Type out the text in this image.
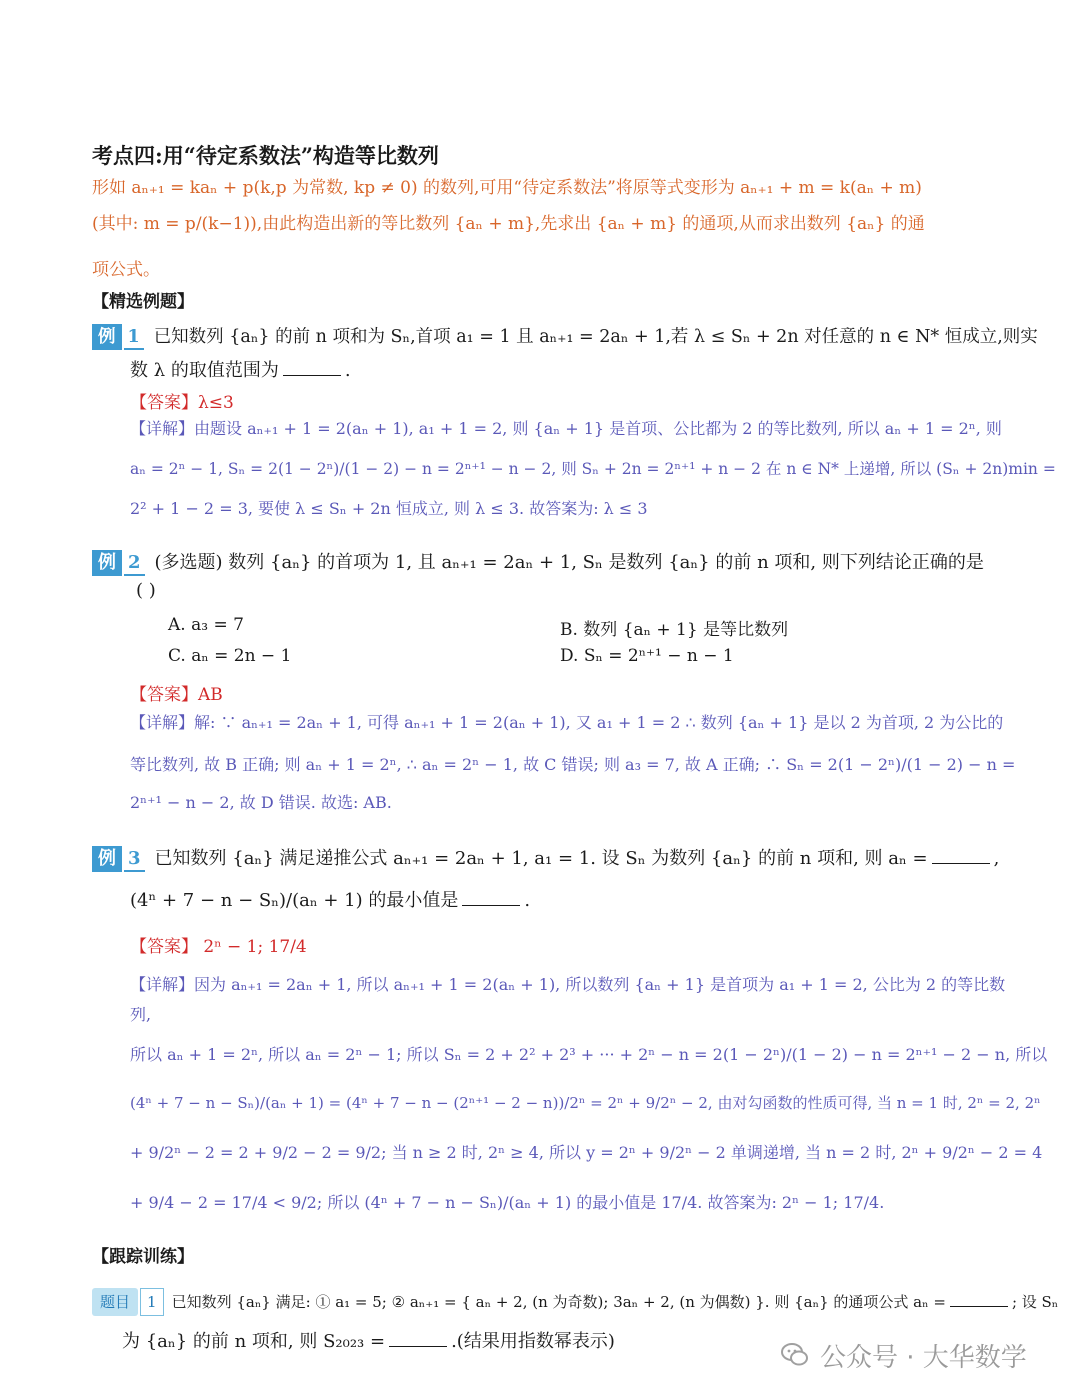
考点四:用“待定系数法”构造等比数列
形如 aₙ₊₁ = kaₙ + p(k,p 为常数, kp ≠ 0) 的数列,可用“待定系数法”将原等式变形为 aₙ₊₁ + m = k(aₙ + m)
(其中: m = p/(k−1)),由此构造出新的等比数列 {aₙ + m},先求出 {aₙ + m} 的通项,从而求出数列 {aₙ} 的通
项公式。
【精选例题】
例 1 已知数列 {aₙ} 的前 n 项和为 Sₙ,首项 a₁ = 1 且 aₙ₊₁ = 2aₙ + 1,若 λ ≤ Sₙ + 2n 对任意的 n ∈ N* 恒成立,则实
数 λ 的取值范围为	.
【答案】λ≤3
【详解】由题设 aₙ₊₁ + 1 = 2(aₙ + 1), a₁ + 1 = 2, 则 {aₙ + 1} 是首项、公比都为 2 的等比数列, 所以 aₙ + 1 = 2ⁿ, 则
aₙ = 2ⁿ − 1, Sₙ = 2(1 − 2ⁿ)/(1 − 2) − n = 2ⁿ⁺¹ − n − 2, 则 Sₙ + 2n = 2ⁿ⁺¹ + n − 2 在 n ∈ N* 上递增, 所以 (Sₙ + 2n)min =
2² + 1 − 2 = 3, 要使 λ ≤ Sₙ + 2n 恒成立, 则 λ ≤ 3. 故答案为: λ ≤ 3
例 2 (多选题) 数列 {aₙ} 的首项为 1, 且 aₙ₊₁ = 2aₙ + 1, Sₙ 是数列 {aₙ} 的前 n 项和, 则下列结论正确的是
( )
A. a₃ = 7	B. 数列 {aₙ + 1} 是等比数列
C. aₙ = 2n − 1	D. Sₙ = 2ⁿ⁺¹ − n − 1
【答案】AB
【详解】解: ∵ aₙ₊₁ = 2aₙ + 1, 可得 aₙ₊₁ + 1 = 2(aₙ + 1), 又 a₁ + 1 = 2 ∴ 数列 {aₙ + 1} 是以 2 为首项, 2 为公比的
等比数列, 故 B 正确; 则 aₙ + 1 = 2ⁿ, ∴ aₙ = 2ⁿ − 1, 故 C 错误; 则 a₃ = 7, 故 A 正确; ∴ Sₙ = 2(1 − 2ⁿ)/(1 − 2) − n =
2ⁿ⁺¹ − n − 2, 故 D 错误. 故选: AB.
例 3 已知数列 {aₙ} 满足递推公式 aₙ₊₁ = 2aₙ + 1, a₁ = 1. 设 Sₙ 为数列 {aₙ} 的前 n 项和, 则 aₙ =	,
(4ⁿ + 7 − n − Sₙ)/(aₙ + 1) 的最小值是	.
【答案】 2ⁿ − 1; 17/4
【详解】因为 aₙ₊₁ = 2aₙ + 1, 所以 aₙ₊₁ + 1 = 2(aₙ + 1), 所以数列 {aₙ + 1} 是首项为 a₁ + 1 = 2, 公比为 2 的等比数
列,
所以 aₙ + 1 = 2ⁿ, 所以 aₙ = 2ⁿ − 1; 所以 Sₙ = 2 + 2² + 2³ + ··· + 2ⁿ − n = 2(1 − 2ⁿ)/(1 − 2) − n = 2ⁿ⁺¹ − 2 − n, 所以
(4ⁿ + 7 − n − Sₙ)/(aₙ + 1) = (4ⁿ + 7 − n − (2ⁿ⁺¹ − 2 − n))/2ⁿ = 2ⁿ + 9/2ⁿ − 2, 由对勾函数的性质可得, 当 n = 1 时, 2ⁿ = 2, 2ⁿ
+ 9/2ⁿ − 2 = 2 + 9/2 − 2 = 9/2; 当 n ≥ 2 时, 2ⁿ ≥ 4, 所以 y = 2ⁿ + 9/2ⁿ − 2 单调递增, 当 n = 2 时, 2ⁿ + 9/2ⁿ − 2 = 4
+ 9/4 − 2 = 17/4 < 9/2; 所以 (4ⁿ + 7 − n − Sₙ)/(aₙ + 1) 的最小值是 17/4. 故答案为: 2ⁿ − 1; 17/4.
【跟踪训练】
题目 1 已知数列 {aₙ} 满足: ① a₁ = 5; ② aₙ₊₁ = { aₙ + 2, (n 为奇数); 3aₙ + 2, (n 为偶数) }. 则 {aₙ} 的通项公式 aₙ =	; 设 Sₙ
为 {aₙ} 的前 n 项和, 则 S₂₀₂₃ =	.(结果用指数幂表示)
公众号 · 大华数学
